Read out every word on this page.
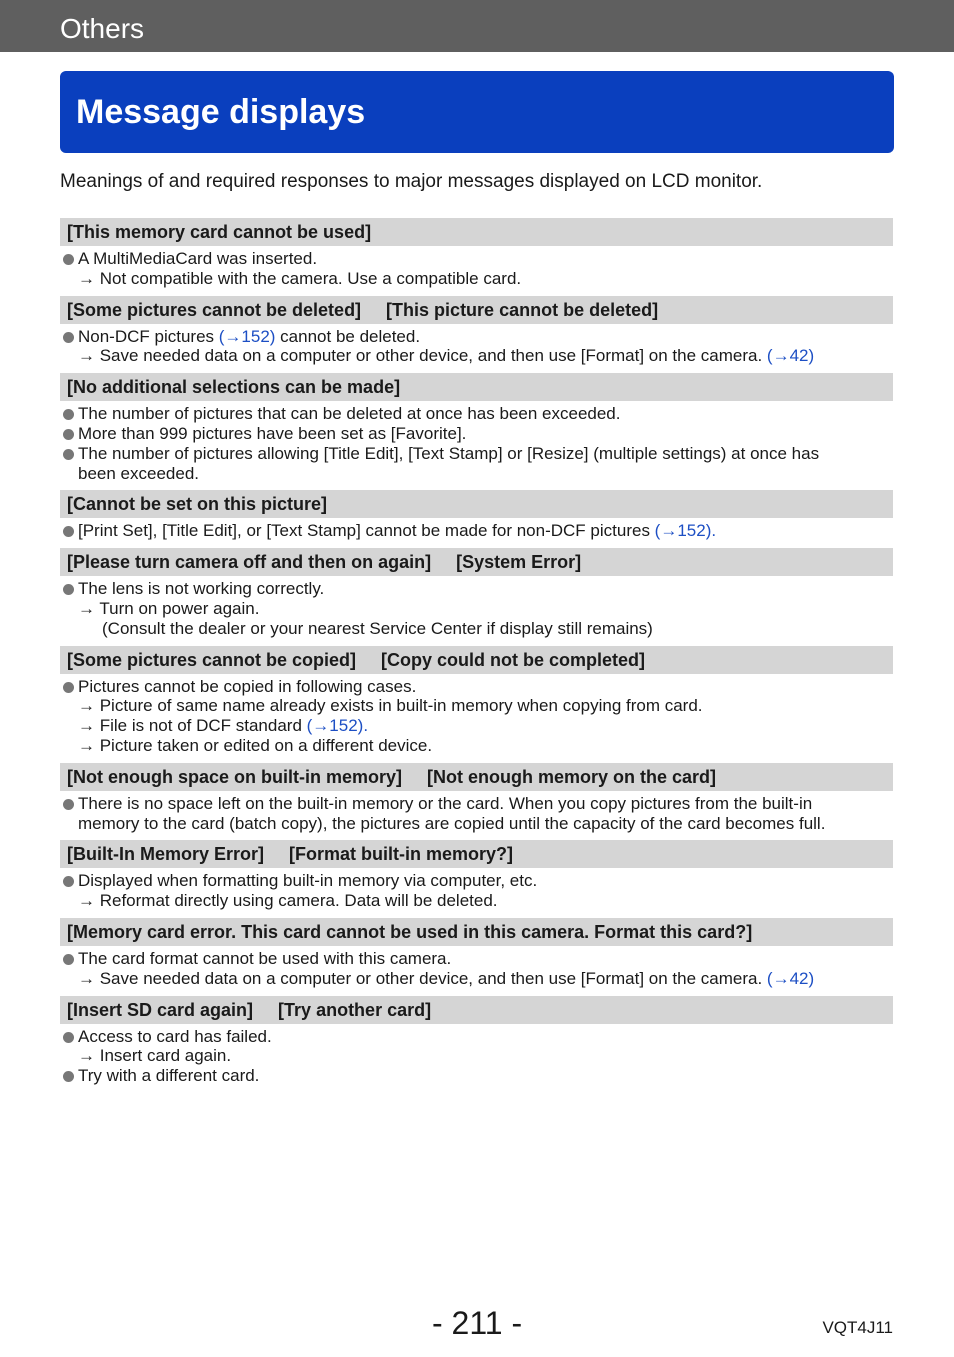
Others
Message displays
Meanings of and required responses to major messages displayed on LCD monitor.
[This memory card cannot be used]
A MultiMediaCard was inserted.
→ Not compatible with the camera. Use a compatible card.
[Some pictures cannot be deleted]     [This picture cannot be deleted]
Non-DCF pictures (→152) cannot be deleted.
→ Save needed data on a computer or other device, and then use [Format] on the camera. (→42)
[No additional selections can be made]
The number of pictures that can be deleted at once has been exceeded.
More than 999 pictures have been set as [Favorite].
The number of pictures allowing [Title Edit], [Text Stamp] or [Resize] (multiple settings) at once has
been exceeded.
[Cannot be set on this picture]
[Print Set], [Title Edit], or [Text Stamp] cannot be made for non-DCF pictures (→152).
[Please turn camera off and then on again]     [System Error]
The lens is not working correctly.
→ Turn on power again.
(Consult the dealer or your nearest Service Center if display still remains)
[Some pictures cannot be copied]     [Copy could not be completed]
Pictures cannot be copied in following cases.
→ Picture of same name already exists in built-in memory when copying from card.
→ File is not of DCF standard (→152).
→ Picture taken or edited on a different device.
[Not enough space on built-in memory]     [Not enough memory on the card]
There is no space left on the built-in memory or the card. When you copy pictures from the built-in
memory to the card (batch copy), the pictures are copied until the capacity of the card becomes full.
[Built-In Memory Error]     [Format built-in memory?]
Displayed when formatting built-in memory via computer, etc.
→ Reformat directly using camera. Data will be deleted.
[Memory card error. This card cannot be used in this camera. Format this card?]
The card format cannot be used with this camera.
→ Save needed data on a computer or other device, and then use [Format] on the camera. (→42)
[Insert SD card again]     [Try another card]
Access to card has failed.
→ Insert card again.
Try with a different card.
- 211 -	VQT4J11
